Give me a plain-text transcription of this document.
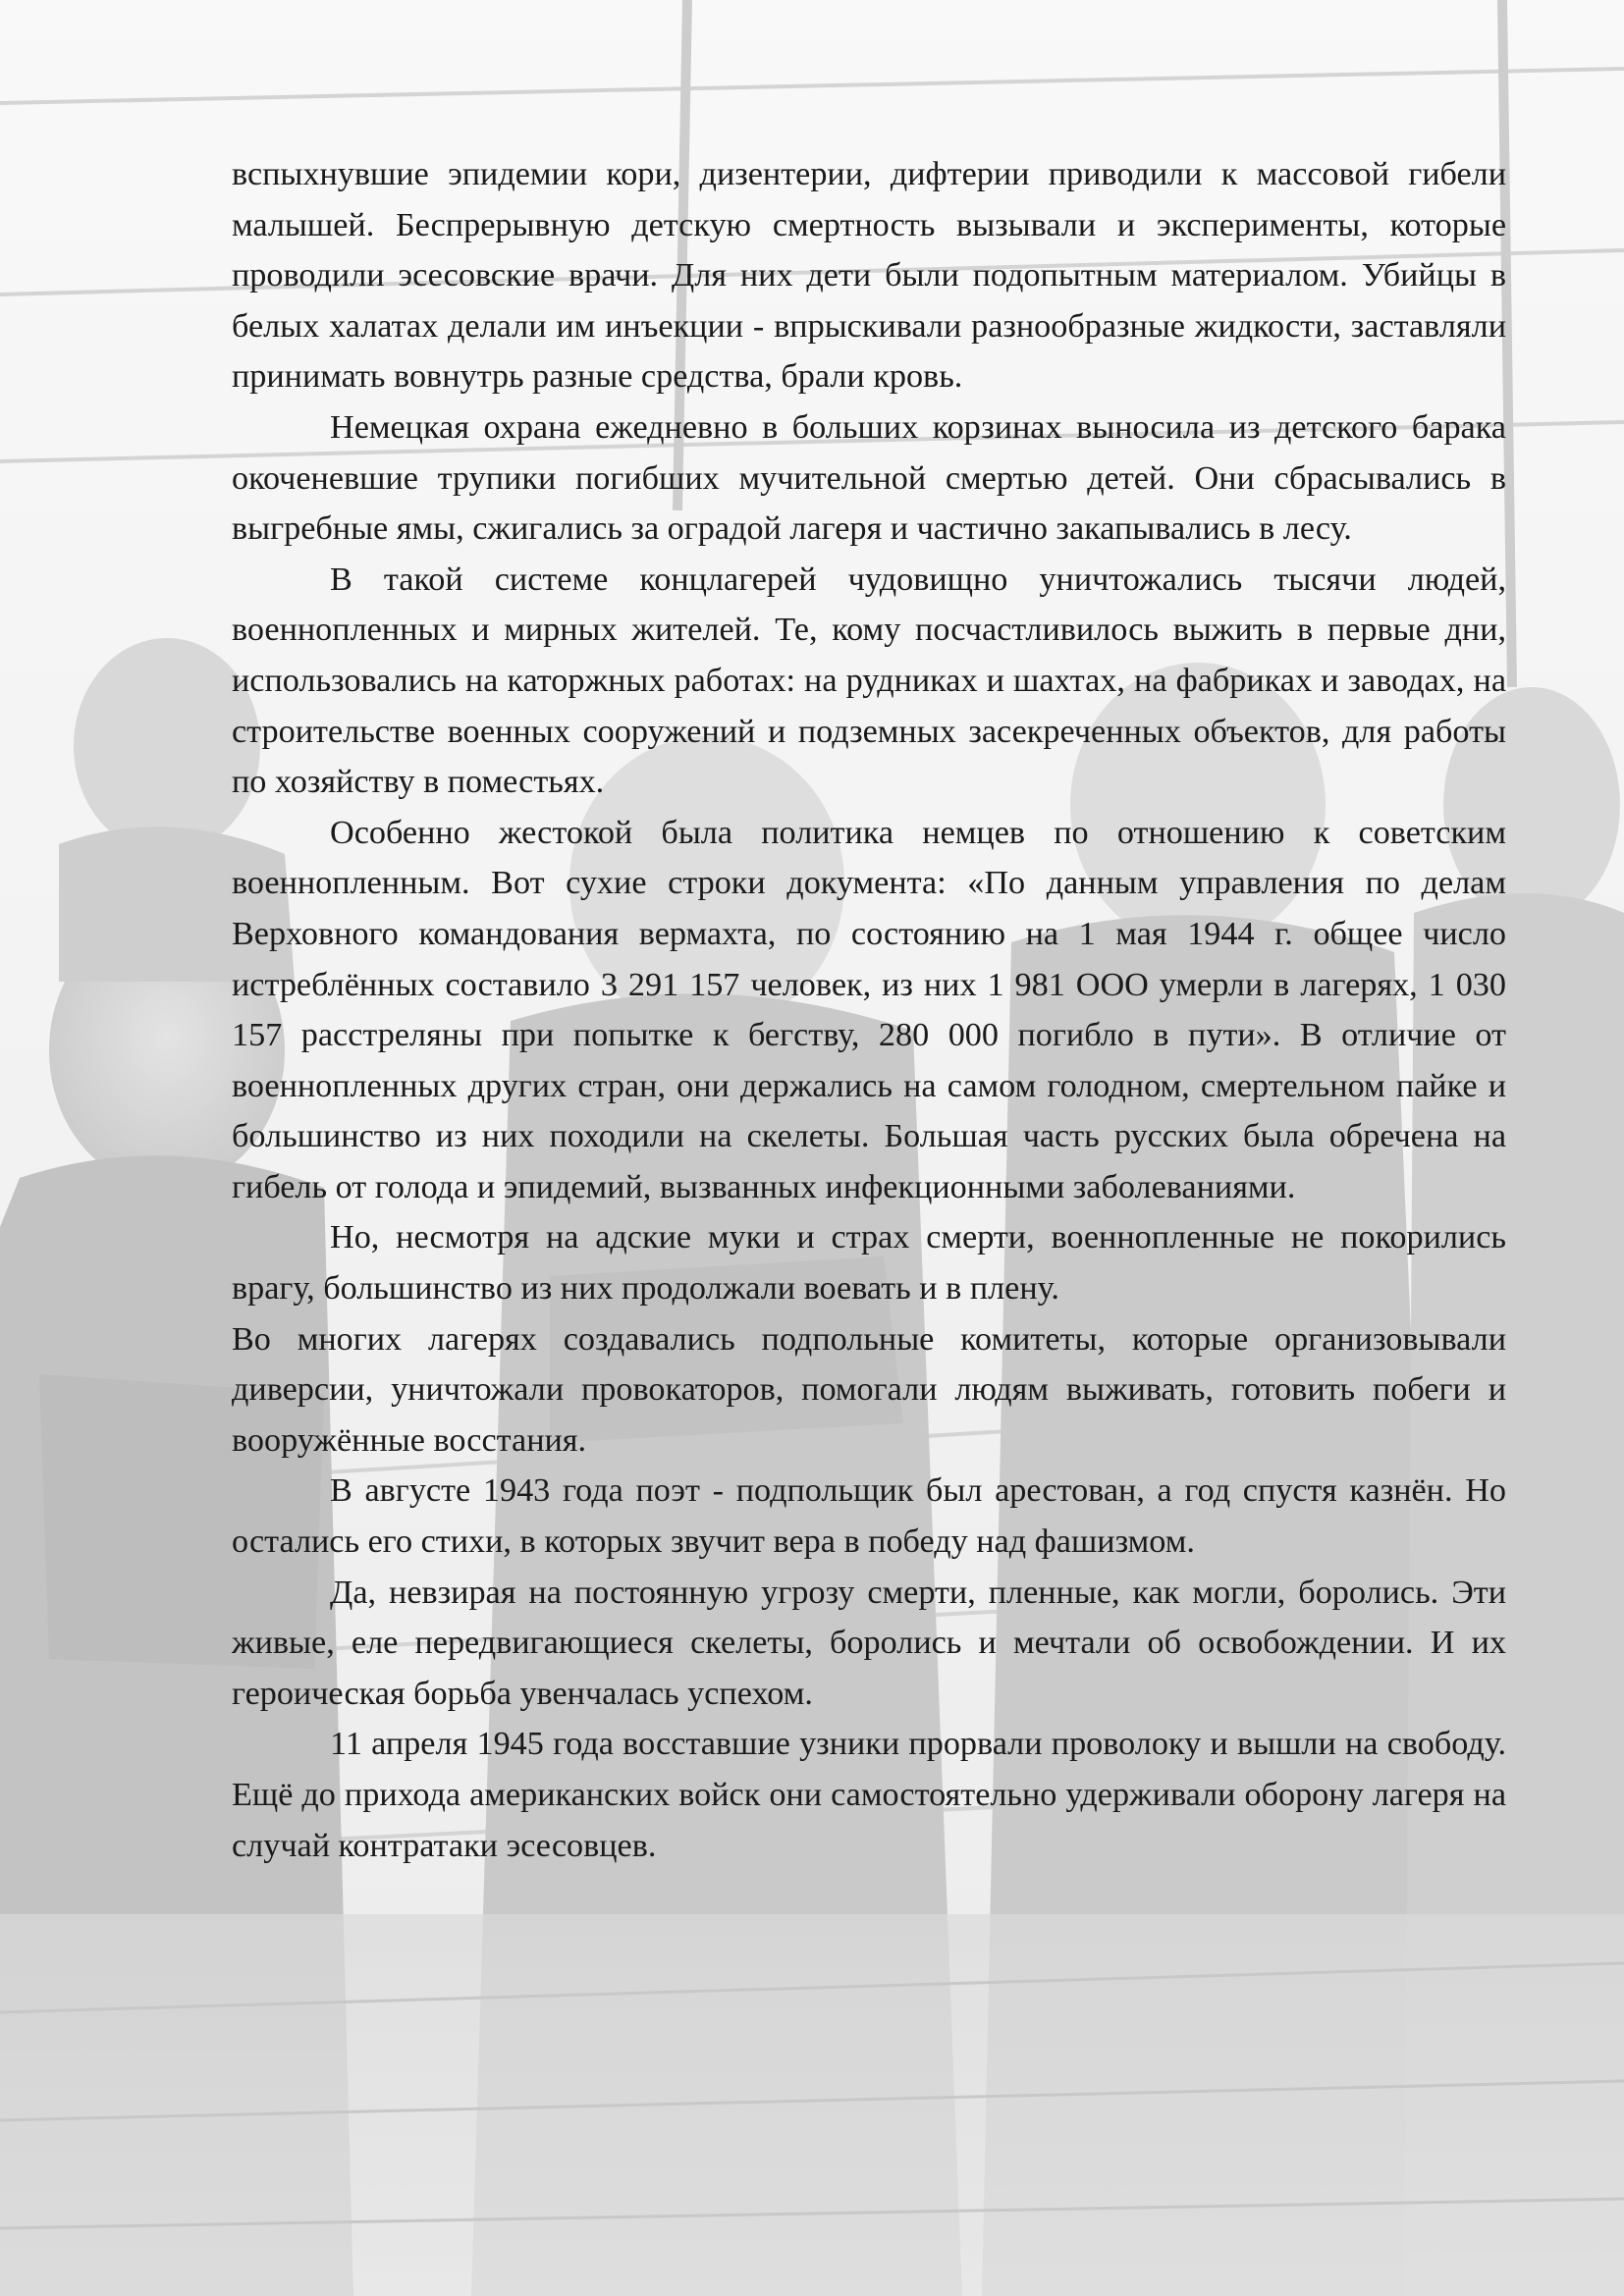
вспыхнувшие эпидемии кори, дизентерии, дифтерии приводили к массовой гибели малышей. Беспрерывную детскую смертность вызывали и эксперименты, которые проводили эсесовские врачи. Для них дети были подопытным материалом. Убийцы в белых халатах делали им инъекции - впрыскивали разнообразные жидкости, заставляли принимать вовнутрь разные средства, брали кровь.

Немецкая охрана ежедневно в больших корзинах выносила из детского барака окоченевшие трупики погибших мучительной смертью детей. Они сбрасывались в выгребные ямы, сжигались за оградой лагеря и частично закапывались в лесу.

В такой системе концлагерей чудовищно уничтожались тысячи людей, военнопленных и мирных жителей. Те, кому посчастливилось выжить в первые дни, использовались на каторжных работах: на рудниках и шахтах, на фабриках и заводах, на строительстве военных сооружений и подземных засекреченных объектов, для работы по хозяйству в поместьях.

Особенно жестокой была политика немцев по отношению к советским военнопленным. Вот сухие строки документа: «По данным управления по делам Верховного командования вермахта, по состоянию на 1 мая 1944 г. общее число истреблённых составило 3 291 157 человек, из них 1 981 ООО умерли в лагерях, 1 030 157 расстреляны при попытке к бегству, 280 000 погибло в пути». В отличие от военнопленных других стран, они держались на самом голодном, смертельном пайке и большинство из них походили на скелеты. Большая часть русских была обречена на гибель от голода и эпидемий, вызванных инфекционными заболеваниями.

Но, несмотря на адские муки и страх смерти, военнопленные не покорились врагу, большинство из них продолжали воевать и в плену.

Во многих лагерях создавались подпольные комитеты, которые организовывали диверсии, уничтожали провокаторов, помогали людям выживать, готовить побеги и вооружённые восстания.

В августе 1943 года поэт - подпольщик был арестован, а год спустя казнён. Но остались его стихи, в которых звучит вера в победу над фашизмом.

Да, невзирая на постоянную угрозу смерти, пленные, как могли, боролись. Эти живые, еле передвигающиеся скелеты, боролись и мечтали об освобождении. И их героическая борьба увенчалась успехом.

11 апреля 1945 года восставшие узники прорвали проволоку и вышли на свободу. Ещё до прихода американских войск они самостоятельно удерживали оборону лагеря на случай контратаки эсесовцев.
